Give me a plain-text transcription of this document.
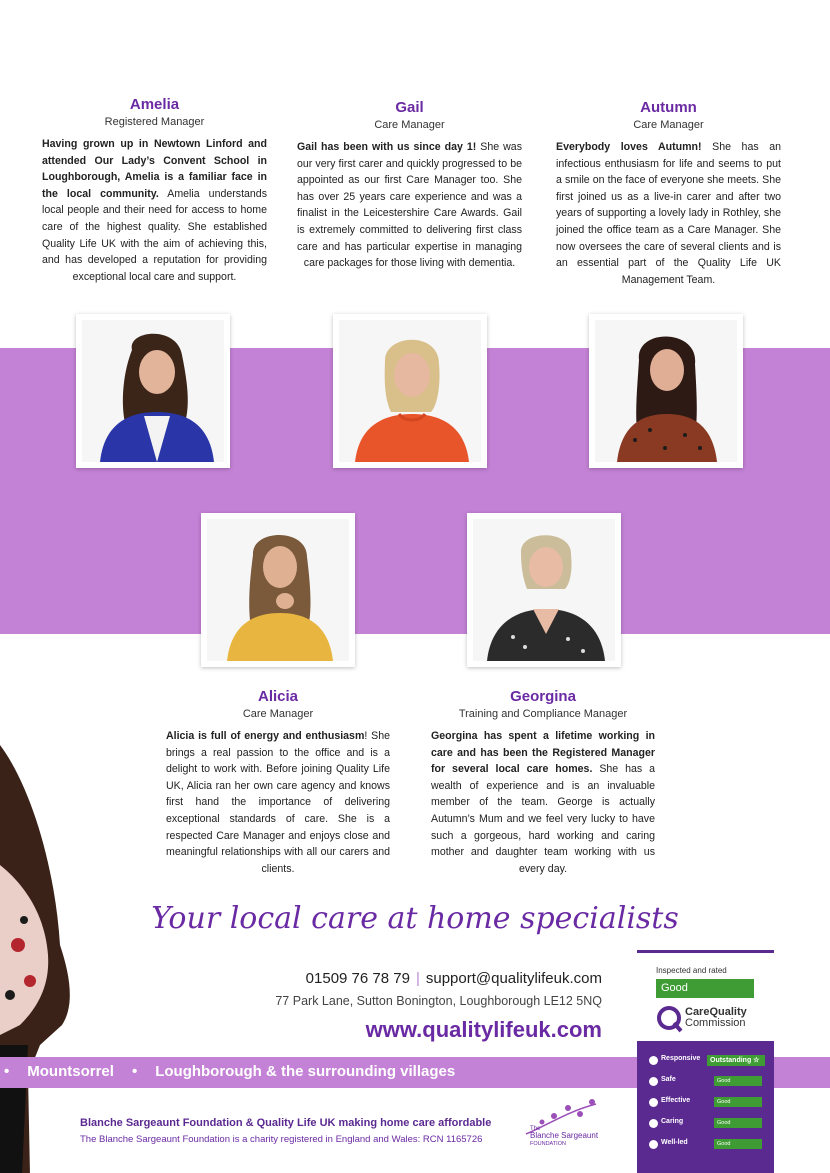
Amelia
Registered Manager

Having grown up in Newtown Linford and attended Our Lady’s Convent School in Loughborough, Amelia is a familiar face in the local community. Amelia understands local people and their need for access to home care of the highest quality. She established Quality Life UK with the aim of achieving this, and has developed a reputation for providing exceptional local care and support.

Gail
Care Manager

Gail has been with us since day 1! She was our very first carer and quickly progressed to be appointed as our first Care Manager too. She has over 25 years care experience and was a finalist in the Leicestershire Care Awards. Gail is extremely committed to delivering first class care and has particular expertise in managing care packages for those living with dementia.

Autumn
Care Manager

Everybody loves Autumn! She has an infectious enthusiasm for life and seems to put a smile on the face of everyone she meets. She first joined us as a live-in carer and after two years of supporting a lovely lady in Rothley, she joined the office team as a Care Manager. She now oversees the care of several clients and is an essential part of the Quality Life UK Management Team.

Alicia
Care Manager

Alicia is full of energy and enthusiasm! She brings a real passion to the office and is a delight to work with. Before joining Quality Life UK, Alicia ran her own care agency and knows first hand the importance of delivering exceptional standards of care. She is a respected Care Manager and enjoys close and meaningful relationships with all our carers and clients.

Georgina
Training and Compliance Manager

Georgina has spent a lifetime working in care and has been the Registered Manager for several local care homes. She has a wealth of experience and is an invaluable member of the team. George is actually Autumn’s Mum and we feel very lucky to have such a gorgeous, hard working and caring mother and daughter team working with us every day.

Your local care at home specialists
01509 76 78 79 | support@qualitylifeuk.com
77 Park Lane, Sutton Bonington, Loughborough LE12 5NQ
www.qualitylifeuk.com
• Mountsorrel • Loughborough & the surrounding villages
Blanche Sargeaunt Foundation & Quality Life UK making home care affordable
The Blanche Sargeaunt Foundation is a charity registered in England and Wales: RCN 1165726
The
Blanche Sargeaunt
FOUNDATION
Inspected and rated
Good
CareQuality
Commission
Responsive	Outstanding ☆
Safe	Good
Effective	Good
Caring	Good
Well-led	Good
